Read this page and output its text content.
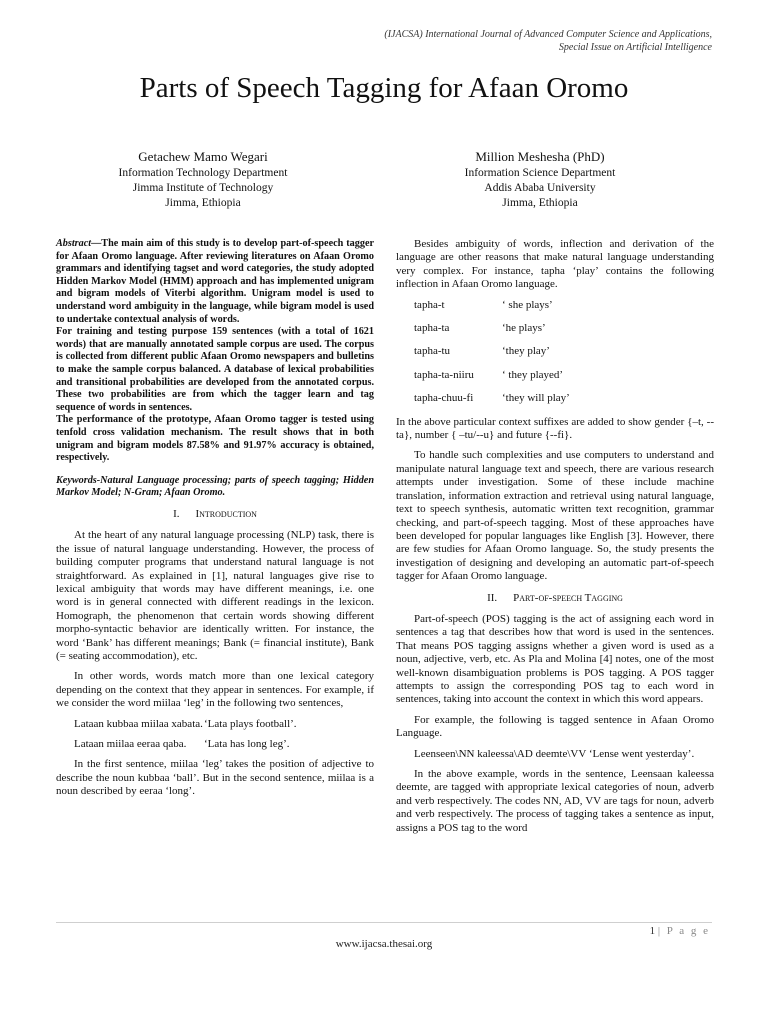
(IJACSA) International Journal of Advanced Computer Science and Applications,
Special Issue on Artificial Intelligence
Parts of Speech Tagging for Afaan Oromo
Getachew Mamo Wegari
Information Technology Department
Jimma Institute of Technology
Jimma, Ethiopia
Million Meshesha (PhD)
Information Science Department
Addis Ababa University
Jimma, Ethiopia

Abstract—The main aim of this study is to develop part-of-speech tagger for Afaan Oromo language. After reviewing literatures on Afaan Oromo grammars and identifying tagset and word categories, the study adopted Hidden Markov Model (HMM) approach and has implemented unigram and bigram models of Viterbi algorithm. Unigram model is used to understand word ambiguity in the language, while bigram model is used to undertake contextual analysis of words.

For training and testing purpose 159 sentences (with a total of 1621 words) that are manually annotated sample corpus are used. The corpus is collected from different public Afaan Oromo newspapers and bulletins to make the sample corpus balanced. A database of lexical probabilities and transitional probabilities are developed from the annotated corpus. These two probabilities are from which the tagger learn and tag sequence of words in sentences.

The performance of the prototype, Afaan Oromo tagger is tested using tenfold cross validation mechanism. The result shows that in both unigram and bigram models 87.58% and 91.97% accuracy is obtained, respectively.

Keywords-Natural Language processing; parts of speech tagging; Hidden Markov Model; N-Gram; Afaan Oromo.

I. Introduction

At the heart of any natural language processing (NLP) task, there is the issue of natural language understanding. However, the process of building computer programs that understand natural language is not straightforward. As explained in [1], natural languages give rise to lexical ambiguity that words may have different meanings, i.e. one word is in general connected with different readings in the lexicon. Homograph, the phenomenon that certain words showing different morpho-syntactic behavior are identically written. For instance, the word ‘Bank’ has different meanings; Bank (= financial institute), Bank (= seating accommodation), etc.

In other words, words match more than one lexical category depending on the context that they appear in sentences. For example, if we consider the word miilaa ‘leg’ in the following two sentences,

Lataan kubbaa miilaa xabata. ‘Lata plays football’.
Lataan miilaa eeraa qaba.	‘Lata has long leg’.

In the first sentence, miilaa ‘leg’ takes the position of adjective to describe the noun kubbaa ‘ball’. But in the second sentence, miilaa is a noun described by eeraa ‘long’.

Besides ambiguity of words, inflection and derivation of the language are other reasons that make natural language understanding very complex. For instance, tapha ‘play’ contains the following inflection in Afaan Oromo language.

tapha-t	‘ she plays’
tapha-ta	‘he plays’
tapha-tu	‘they play’
tapha-ta-niiru	‘ they played’
tapha-chuu-fi	‘they will play’

In the above particular context suffixes are added to show gender {–t, --ta}, number { –tu/--u} and future {--fi}.

To handle such complexities and use computers to understand and manipulate natural language text and speech, there are various research attempts under investigation. Some of these include machine translation, information extraction and retrieval using natural language, text to speech synthesis, automatic written text recognition, grammar checking, and part-of-speech tagging. Most of these approaches have been developed for popular languages like English [3]. However, there are few studies for Afaan Oromo language. So, the study presents the investigation of designing and developing an automatic part-of-speech tagger for Afaan Oromo language.

II. Part-of-speech Tagging

Part-of-speech (POS) tagging is the act of assigning each word in sentences a tag that describes how that word is used in the sentences. That means POS tagging assigns whether a given word is used as a noun, adjective, verb, etc. As Pla and Molina [4] notes, one of the most well-known disambiguation problems is POS tagging. A POS tagger attempts to assign the corresponding POS tag to each word in sentences, taking into account the context in which this word appears.

For example, the following is tagged sentence in Afaan Oromo Language.

Leenseen\NN kaleessa\AD deemte\VV ‘Lense went yesterday’.

In the above example, words in the sentence, Leensaan kaleessa deemte, are tagged with appropriate lexical categories of noun, adverb and verb respectively. The codes NN, AD, VV are tags for noun, adverb and verb respectively. The process of tagging takes a sentence as input, assigns a POS tag to the word

1 | P a g e
www.ijacsa.thesai.org
